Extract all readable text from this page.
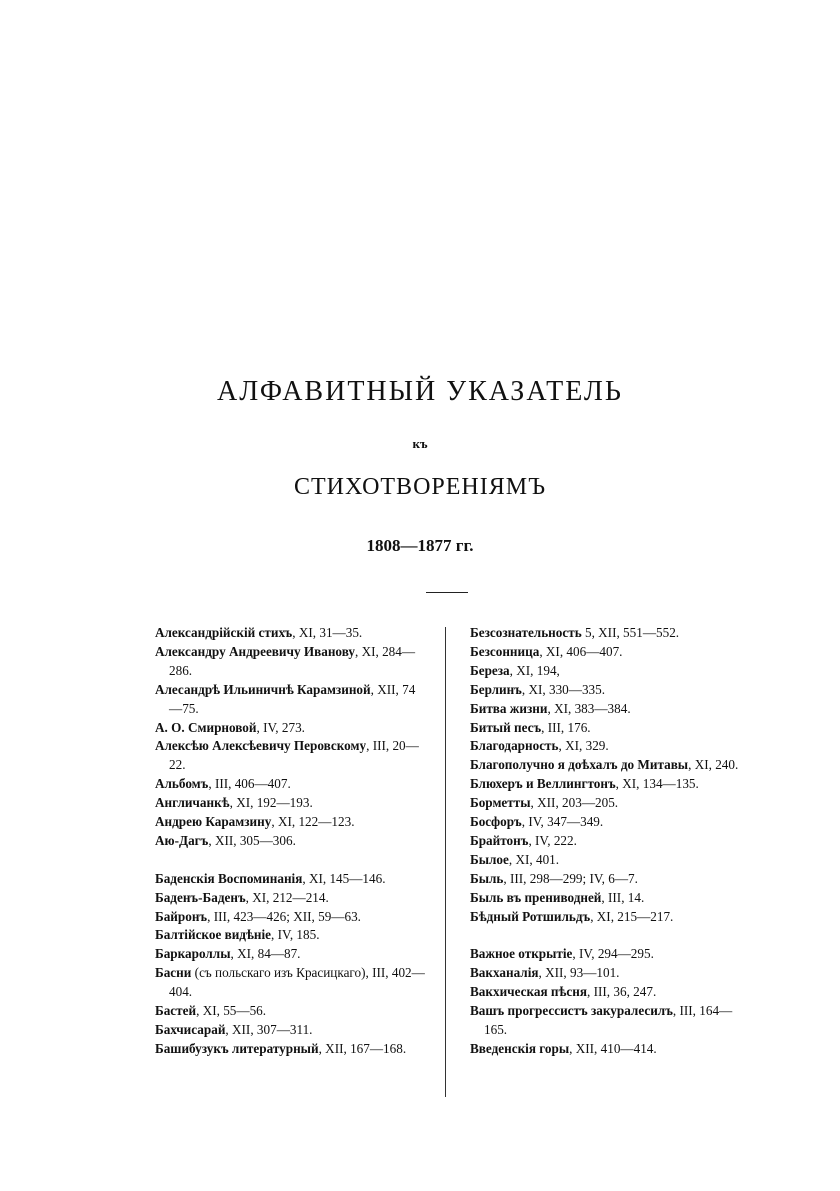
АЛФАВИТНЫЙ УКАЗАТЕЛЬ
къ
СТИХОТВОРЕНІЯМЪ
1808—1877 гг.
Александрійскій стихъ, XI, 31—35.
Александру Андреевичу Иванову, XI, 284—286.
Алесандрѣ Ильиничнѣ Карамзиной, XII, 74—75.
А. О. Смирновой, IV, 273.
Алексѣю Алексѣевичу Перовскому, III, 20—22.
Альбомъ, III, 406—407.
Англичанкѣ, XI, 192—193.
Андрею Карамзину, XI, 122—123.
Аю-Дагъ, XII, 305—306.
Баденскія Воспоминанія, XI, 145—146.
Баденъ-Баденъ, XI, 212—214.
Байронъ, III, 423—426; XII, 59—63.
Балтійское видѣніе, IV, 185.
Баркароллы, XI, 84—87.
Басни (съ польскаго изъ Красицкаго), III, 402—404.
Бастей, XI, 55—56.
Бахчисарай, XII, 307—311.
Башибузукъ литературный, XII, 167—168.
Безсознательность 5, XII, 551—552.
Безсонница, XI, 406—407.
Береза, XI, 194,
Берлинъ, XI, 330—335.
Битва жизни, XI, 383—384.
Битый песъ, III, 176.
Благодарность, XI, 329.
Благополучно я доѣхалъ до Митавы, XI, 240.
Блюхеръ и Веллингтонъ, XI, 134—135.
Борметты, XII, 203—205.
Босфоръ, IV, 347—349.
Брайтонъ, IV, 222.
Былое, XI, 401.
Быль, III, 298—299; IV, 6—7.
Быль въ прениводней, III, 14.
Бѣдный Ротшильдъ, XI, 215—217.
Важное открытіе, IV, 294—295.
Вакханалія, XII, 93—101.
Вакхическая пѣсня, III, 36, 247.
Вашъ прогрессистъ закуралесилъ, III, 164—165.
Введенскія горы, XII, 410—414.
